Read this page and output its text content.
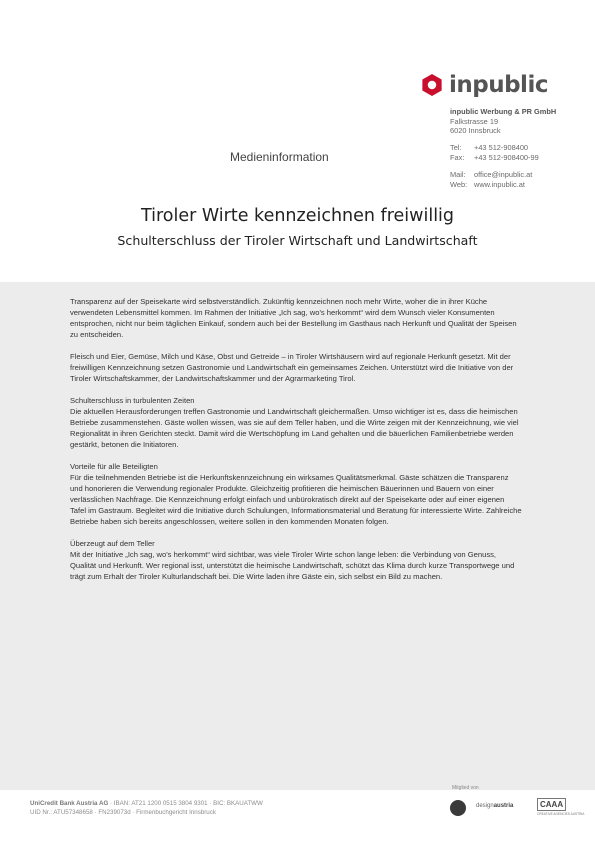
inpublic
inpublic Werbung & PR GmbH
Falkstrasse 19
6020 Innsbruck
Tel: +43 512-908400
Fax: +43 512-908400-99
Mail: office@inpublic.at
Web: www.inpublic.at
Medieninformation
Tiroler Wirte kennzeichnen freiwillig
Schulterschluss der Tiroler Wirtschaft und Landwirtschaft

Transparenz auf der Speisekarte wird selbstverständlich. Zukünftig kennzeichnen noch mehr Wirte, woher die in ihrer Küche verwendeten Lebensmittel kommen. Im Rahmen der Initiative „Ich sag, wo's herkommt“ wird dem Wunsch vieler Konsumenten entsprochen, nicht nur beim täglichen Einkauf, sondern auch bei der Bestellung im Gasthaus nach Herkunft und Qualität der Speisen zu entscheiden.

Fleisch und Eier, Gemüse, Milch und Käse, Obst und Getreide – in Tiroler Wirtshäusern wird auf regionale Herkunft gesetzt. Mit der freiwilligen Kennzeichnung setzen Gastronomie und Landwirtschaft ein gemeinsames Zeichen. Unterstützt wird die Initiative von der Tiroler Wirtschaftskammer, der Landwirtschaftskammer und der Agrarmarketing Tirol.

Schulterschluss in turbulenten Zeiten

Die aktuellen Herausforderungen treffen Gastronomie und Landwirtschaft gleichermaßen. Umso wichtiger ist es, dass die heimischen Betriebe zusammenstehen. Gäste wollen wissen, was sie auf dem Teller haben, und die Wirte zeigen mit der Kennzeichnung, wie viel Regionalität in ihren Gerichten steckt. Damit wird die Wertschöpfung im Land gehalten und die bäuerlichen Familienbetriebe werden gestärkt, betonen die Initiatoren.

Vorteile für alle Beteiligten

Für die teilnehmenden Betriebe ist die Herkunftskennzeichnung ein wirksames Qualitätsmerkmal. Gäste schätzen die Transparenz und honorieren die Verwendung regionaler Produkte. Gleichzeitig profitieren die heimischen Bäuerinnen und Bauern von einer verlässlichen Nachfrage. Die Kennzeichnung erfolgt einfach und unbürokratisch direkt auf der Speisekarte oder auf einer eigenen Tafel im Gastraum. Begleitet wird die Initiative durch Schulungen, Informationsmaterial und Beratung für interessierte Wirte. Zahlreiche Betriebe haben sich bereits angeschlossen, weitere sollen in den kommenden Monaten folgen.

Überzeugt auf dem Teller

Mit der Initiative „Ich sag, wo's herkommt“ wird sichtbar, was viele Tiroler Wirte schon lange leben: die Verbindung von Genuss, Qualität und Herkunft. Wer regional isst, unterstützt die heimische Landwirtschaft, schützt das Klima durch kurze Transportwege und trägt zum Erhalt der Tiroler Kulturlandschaft bei. Die Wirte laden ihre Gäste ein, sich selbst ein Bild zu machen.

UniCredit Bank Austria AG · IBAN: AT21 1200 0515 3804 9301 · BIC: BKAUATWW
UID Nr.: ATU57348658 · FN239073d · Firmenbuchgericht Innsbruck
Mitglied von
designaustria	CAAA
CREATIVE AGENCIES AUSTRIA
